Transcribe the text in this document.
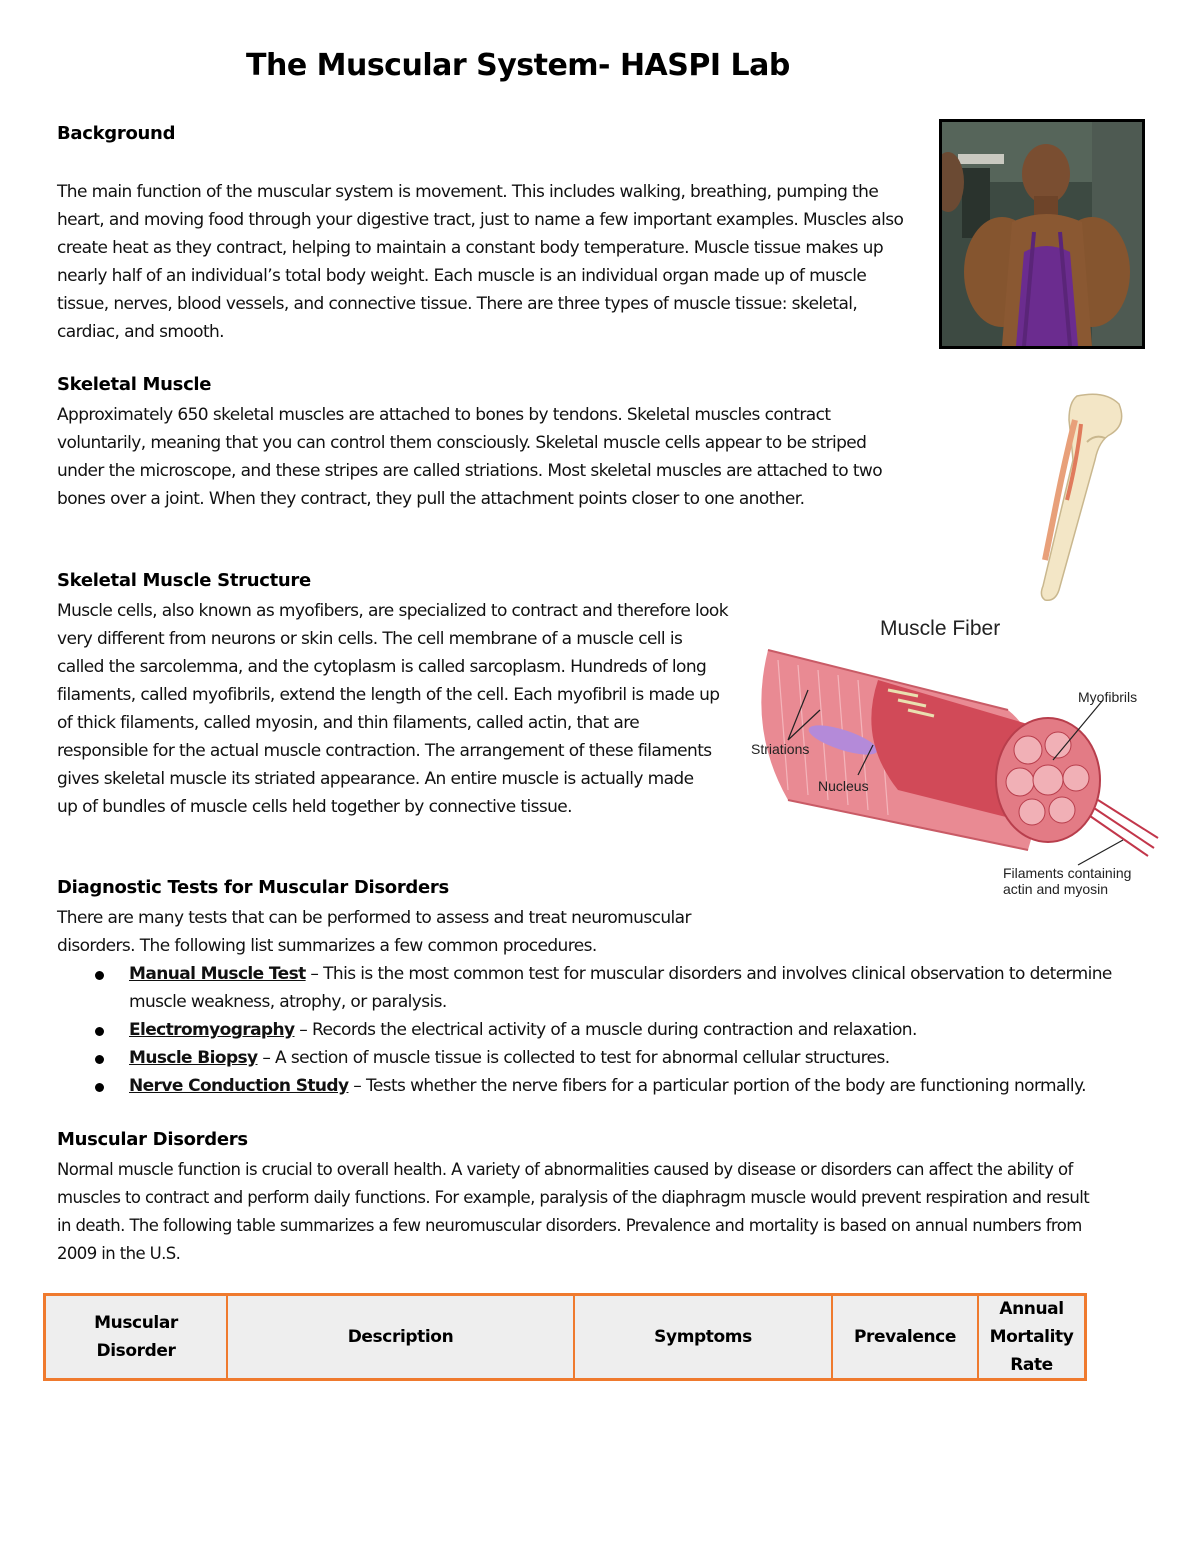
The Muscular System- HASPI Lab
Background

The main function of the muscular system is movement. This includes walking, breathing, pumping the

heart, and moving food through your digestive tract, just to name a few important examples. Muscles also

create heat as they contract, helping to maintain a constant body temperature. Muscle tissue makes up

nearly half of an individual’s total body weight. Each muscle is an individual organ made up of muscle

tissue, nerves, blood vessels, and connective tissue. There are three types of muscle tissue: skeletal,

cardiac, and smooth.

Skeletal Muscle

Approximately 650 skeletal muscles are attached to bones by tendons. Skeletal muscles contract

voluntarily, meaning that you can control them consciously. Skeletal muscle cells appear to be striped

under the microscope, and these stripes are called striations. Most skeletal muscles are attached to two

bones over a joint. When they contract, they pull the attachment points closer to one another.

Skeletal Muscle Structure

Muscle cells, also known as myofibers, are specialized to contract and therefore look

very different from neurons or skin cells. The cell membrane of a muscle cell is

called the sarcolemma, and the cytoplasm is called sarcoplasm. Hundreds of long

filaments, called myofibrils, extend the length of the cell. Each myofibril is made up

of thick filaments, called myosin, and thin filaments, called actin, that are

responsible for the actual muscle contraction. The arrangement of these filaments

gives skeletal muscle its striated appearance. An entire muscle is actually made

up of bundles of muscle cells held together by connective tissue.

Muscle Fiber
Myofibrils
Striations
Nucleus
Filaments containing
actin and myosin
Diagnostic Tests for Muscular Disorders

There are many tests that can be performed to assess and treat neuromuscular

disorders. The following list summarizes a few common procedures.

Manual Muscle Test – This is the most common test for muscular disorders and involves clinical observation to determine
muscle weakness, atrophy, or paralysis.
Electromyography – Records the electrical activity of a muscle during contraction and relaxation.
Muscle Biopsy – A section of muscle tissue is collected to test for abnormal cellular structures.
Nerve Conduction Study – Tests whether the nerve fibers for a particular portion of the body are functioning normally.
Muscular Disorders

Normal muscle function is crucial to overall health. A variety of abnormalities caused by disease or disorders can affect the ability of

muscles to contract and perform daily functions. For example, paralysis of the diaphragm muscle would prevent respiration and result

in death. The following table summarizes a few neuromuscular disorders. Prevalence and mortality is based on annual numbers from

2009 in the U.S.

Muscular
Disorder
Description	Symptoms	Prevalence
Annual
Mortality
Rate
